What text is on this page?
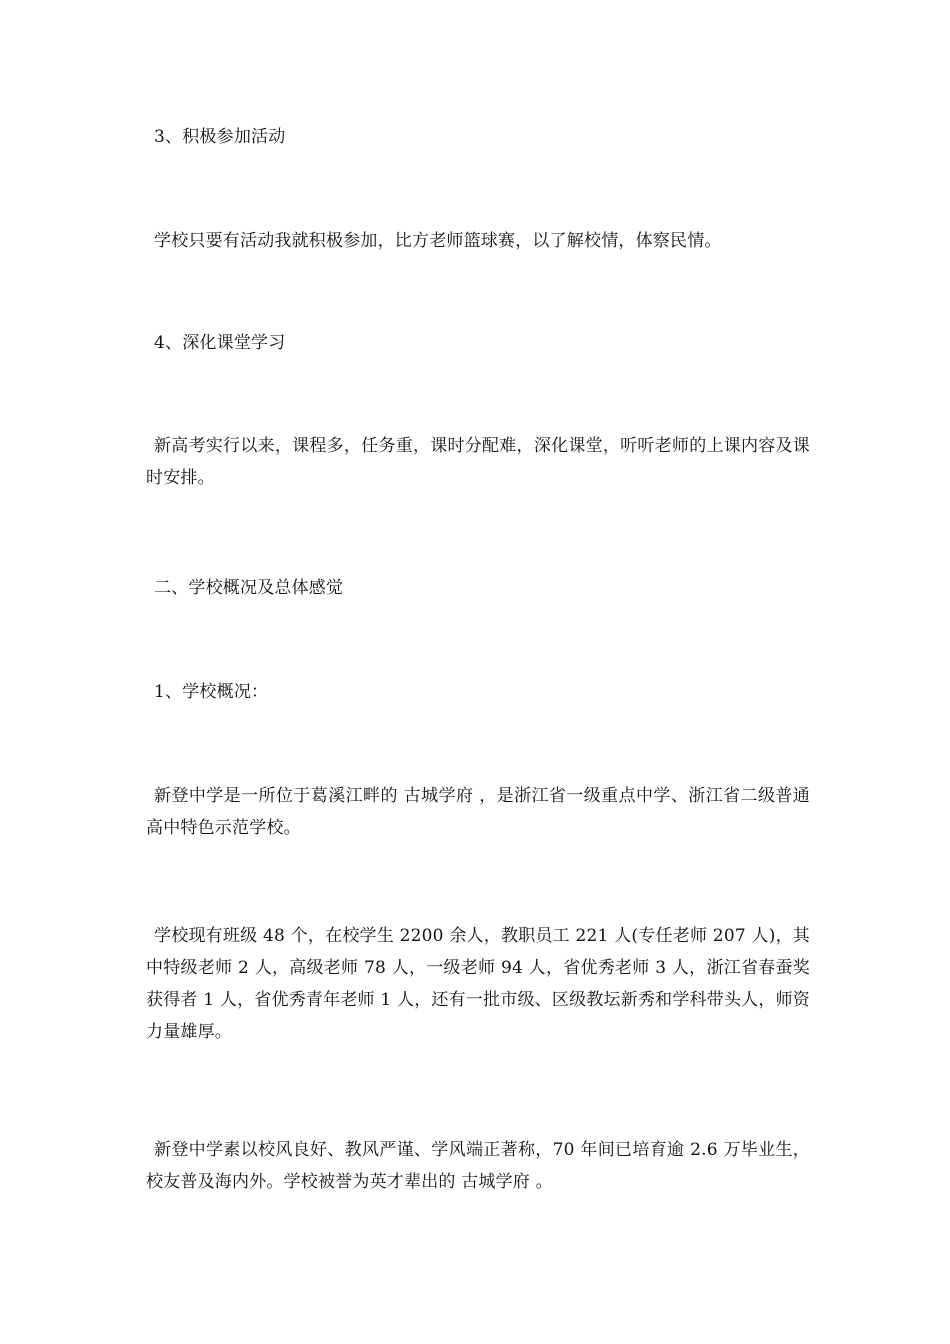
3、积极参加活动

学校只要有活动我就积极参加，比方老师篮球赛，以了解校情，体察民情。

4、深化课堂学习

新高考实行以来，课程多，任务重，课时分配难，深化课堂，听听老师的上课内容及课时安排。

二、学校概况及总体感觉

1、学校概况：

新登中学是一所位于葛溪江畔的 古城学府 ，是浙江省一级重点中学、浙江省二级普通高中特色示范学校。

学校现有班级 48 个，在校学生 2200 余人，教职员工 221 人(专任老师 207 人)，其中特级老师 2 人，高级老师 78 人，一级老师 94 人，省优秀老师 3 人，浙江省春蚕奖 获得者 1 人，省优秀青年老师 1 人，还有一批市级、区级教坛新秀和学科带头人，师资力量雄厚。

新登中学素以校风良好、教风严谨、学风端正著称，70 年间已培育逾 2.6 万毕业生，校友普及海内外。学校被誉为英才辈出的 古城学府 。
